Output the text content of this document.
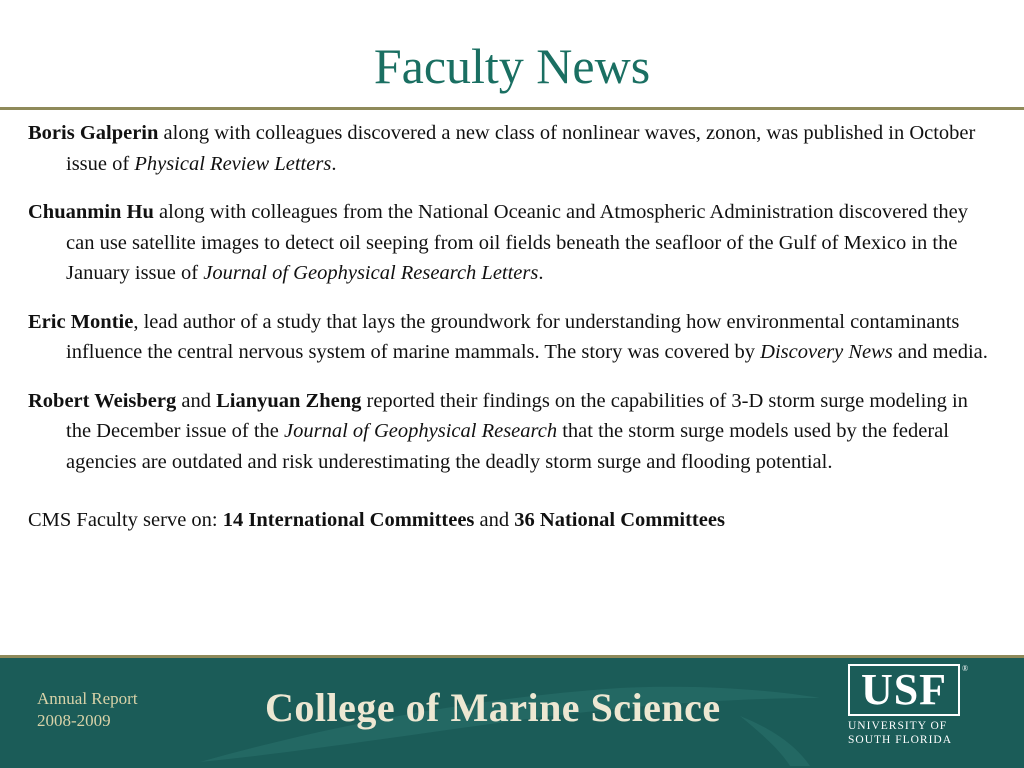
Faculty News

Boris Galperin along with colleagues discovered a new class of nonlinear waves, zonon, was published in October issue of Physical Review Letters.

Chuanmin Hu along with colleagues from the National Oceanic and Atmospheric Administration discovered they can use satellite images to detect oil seeping from oil fields beneath the seafloor of the Gulf of Mexico in the January issue of Journal of Geophysical Research Letters.

Eric Montie, lead author of a study that lays the groundwork for understanding how environmental contaminants influence the central nervous system of marine mammals. The story was covered by Discovery News and media.

Robert Weisberg and Lianyuan Zheng reported their findings on the capabilities of 3-D storm surge modeling in the December issue of the Journal of Geophysical Research that the storm surge models used by the federal agencies are outdated and risk underestimating the deadly storm surge and flooding potential.

CMS Faculty serve on: 14 International Committees and 36 National Committees

Annual Report
2008-2009	College of Marine Science	USF	®
UNIVERSITY OF
SOUTH FLORIDA
